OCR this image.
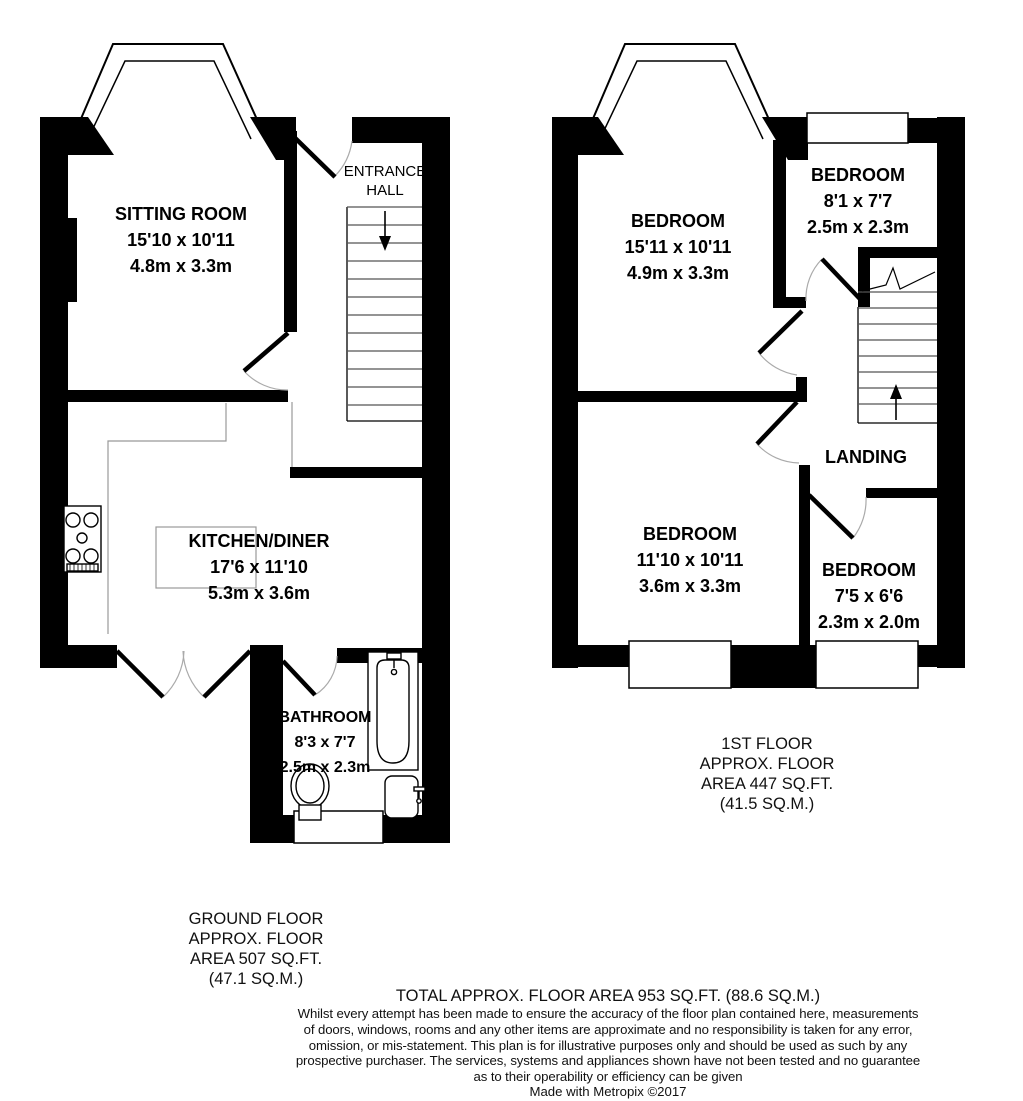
SITTING ROOM
15'10 x 10'11
4.8m x 3.3m
ENTRANCE HALL
KITCHEN/DINER
17'6 x 11'10
5.3m x 3.6m
BATHROOM
8'3 x 7'7
2.5m x 2.3m
BEDROOM
15'11 x 10'11
4.9m x 3.3m
BEDROOM
8'1 x 7'7
2.5m x 2.3m
BEDROOM
11'10 x 10'11
3.6m x 3.3m
BEDROOM
7'5 x 6'6
2.3m x 2.0m
LANDING
GROUND FLOOR
APPROX. FLOOR
AREA 507 SQ.FT.
(47.1 SQ.M.)
1ST FLOOR
APPROX. FLOOR
AREA 447 SQ.FT.
(41.5 SQ.M.)
TOTAL APPROX. FLOOR AREA 953 SQ.FT. (88.6 SQ.M.)
Whilst every attempt has been made to ensure the accuracy of the floor plan contained here, measurements
of doors, windows, rooms and any other items are approximate and no responsibility is taken for any error,
omission, or mis-statement. This plan is for illustrative purposes only and should be used as such by any
prospective purchaser. The services, systems and appliances shown have not been tested and no guarantee
as to their operability or efficiency can be given
Made with Metropix ©2017
